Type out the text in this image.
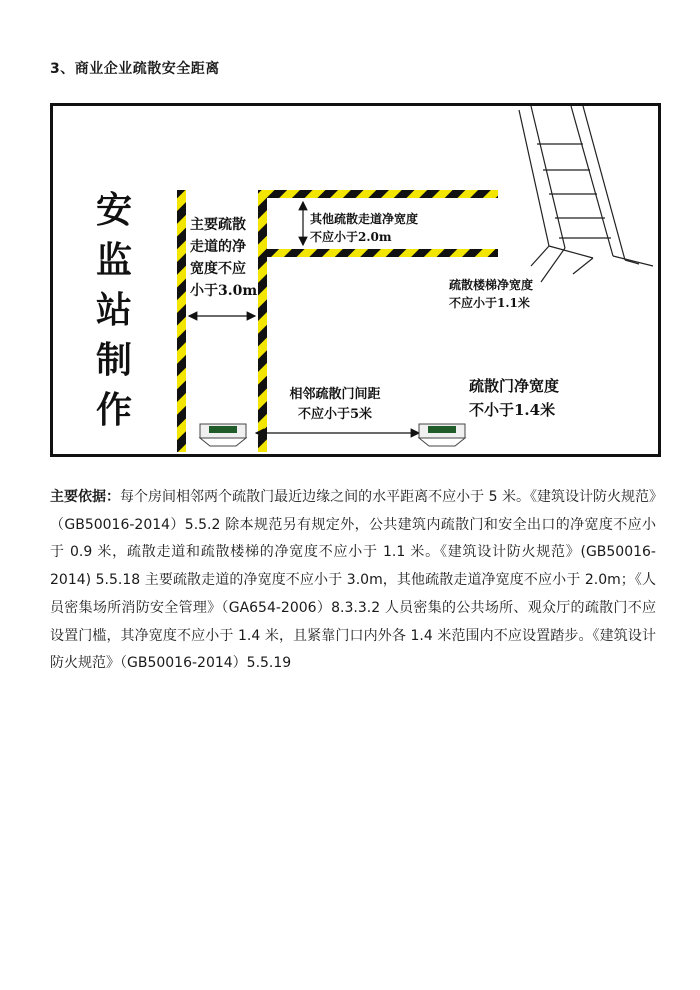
3、商业企业疏散安全距离
安
监
站
制
作
主要疏散
走道的净
宽度不应
小于3.0m
其他疏散走道净宽度
不应小于2.0m
疏散楼梯净宽度
不应小于1.1米
相邻疏散门间距
不应小于5米
疏散门净宽度
不小于1.4米
主要依据：每个房间相邻两个疏散门最近边缘之间的水平距离不应小于 5 米。《建筑设计防火规范》（GB50016-2014）5.5.2 除本规范另有规定外，公共建筑内疏散门和安全出口的净宽度不应小于 0.9 米，疏散走道和疏散楼梯的净宽度不应小于 1.1 米。《建筑设计防火规范》(GB50016-2014) 5.5.18 主要疏散走道的净宽度不应小于 3.0m，其他疏散走道净宽度不应小于 2.0m；《人员密集场所消防安全管理》（GA654-2006）8.3.3.2 人员密集的公共场所、观众厅的疏散门不应设置门槛，其净宽度不应小于 1.4 米，且紧靠门口内外各 1.4 米范围内不应设置踏步。《建筑设计防火规范》（GB50016-2014）5.5.19
